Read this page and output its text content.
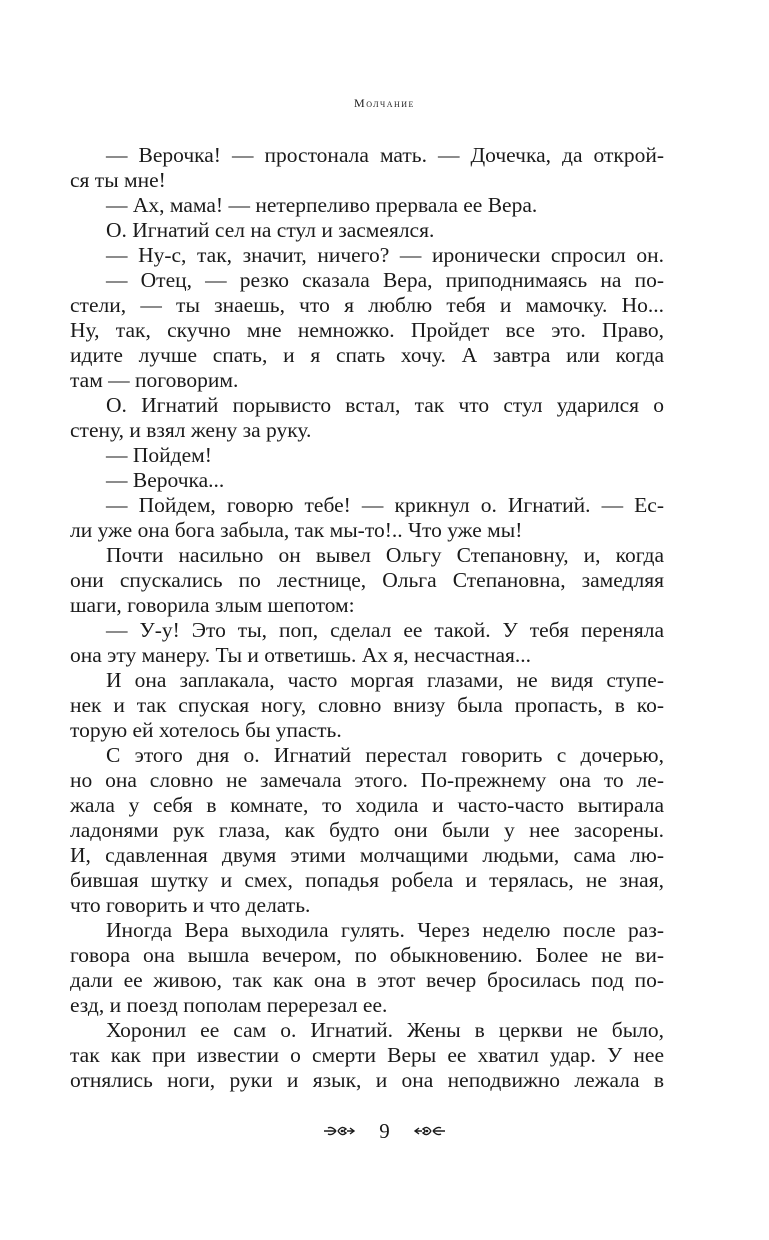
Молчание
— Верочка! — простонала мать. — Дочечка, да открой-
ся ты мне!
— Ах, мама! — нетерпеливо прервала ее Вера.
О. Игнатий сел на стул и засмеялся.
— Ну-с, так, значит, ничего? — иронически спросил он.
— Отец, — резко сказала Вера, приподнимаясь на по-
стели, — ты знаешь, что я люблю тебя и мамочку. Но...
Ну, так, скучно мне немножко. Пройдет все это. Право,
идите лучше спать, и я спать хочу. А завтра или когда
там — поговорим.
О. Игнатий порывисто встал, так что стул ударился о
стену, и взял жену за руку.
— Пойдем!
— Верочка...
— Пойдем, говорю тебе! — крикнул о. Игнатий. — Ес-
ли уже она бога забыла, так мы-то!.. Что уже мы!
Почти насильно он вывел Ольгу Степановну, и, когда
они спускались по лестнице, Ольга Степановна, замедляя
шаги, говорила злым шепотом:
— У-у! Это ты, поп, сделал ее такой. У тебя переняла
она эту манеру. Ты и ответишь. Ах я, несчастная...
И она заплакала, часто моргая глазами, не видя ступе-
нек и так спуская ногу, словно внизу была пропасть, в ко-
торую ей хотелось бы упасть.
С этого дня о. Игнатий перестал говорить с дочерью,
но она словно не замечала этого. По-прежнему она то ле-
жала у себя в комнате, то ходила и часто-часто вытирала
ладонями рук глаза, как будто они были у нее засорены.
И, сдавленная двумя этими молчащими людьми, сама лю-
бившая шутку и смех, попадья робела и терялась, не зная,
что говорить и что делать.
Иногда Вера выходила гулять. Через неделю после раз-
говора она вышла вечером, по обыкновению. Более не ви-
дали ее живою, так как она в этот вечер бросилась под по-
езд, и поезд пополам перерезал ее.
Хоронил ее сам о. Игнатий. Жены в церкви не было,
так как при известии о смерти Веры ее хватил удар. У нее
отнялись ноги, руки и язык, и она неподвижно лежала в
9
